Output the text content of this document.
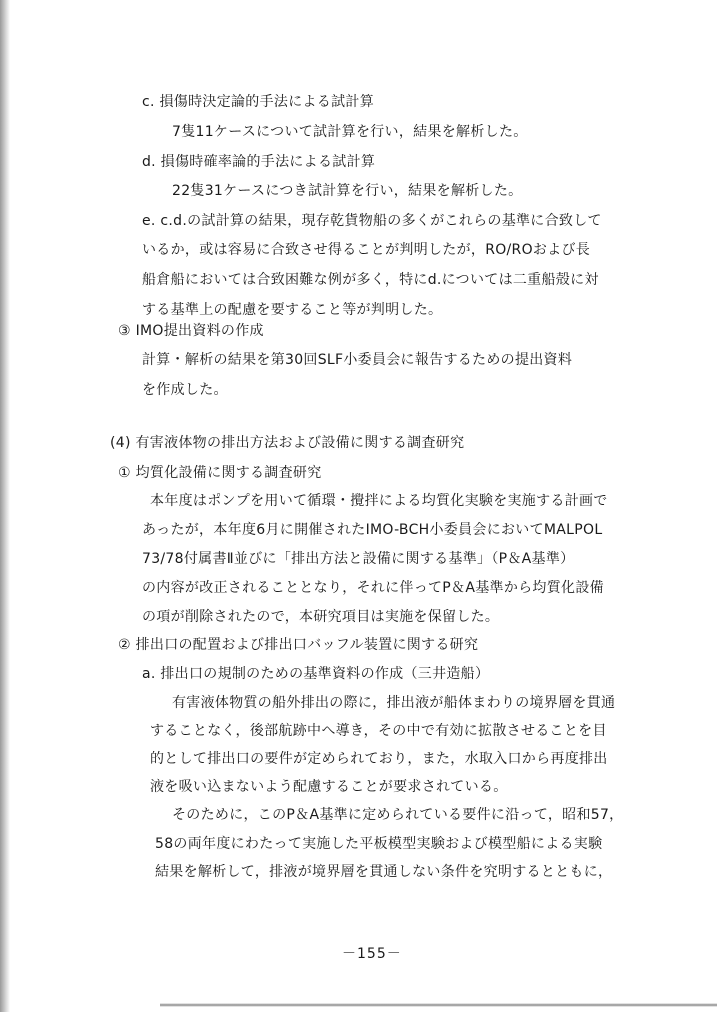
c. 損傷時決定論的手法による試計算
7隻11ケースについて試計算を行い，結果を解析した。
d. 損傷時確率論的手法による試計算
22隻31ケースにつき試計算を行い，結果を解析した。
e. c.d.の試計算の結果，現存乾貨物船の多くがこれらの基準に合致して
いるか，或は容易に合致させ得ることが判明したが，RO/ROおよび長
船倉船においては合致困難な例が多く，特にd.については二重船殻に対
する基準上の配慮を要すること等が判明した。
③ IMO提出資料の作成
計算・解析の結果を第30回SLF小委員会に報告するための提出資料
を作成した。
(4) 有害液体物の排出方法および設備に関する調査研究
① 均質化設備に関する調査研究
本年度はポンプを用いて循環・攪拌による均質化実験を実施する計画で
あったが，本年度6月に開催されたIMO-BCH小委員会においてMALPOL
73/78付属書Ⅱ並びに「排出方法と設備に関する基準」（P＆A基準）
の内容が改正されることとなり，それに伴ってP＆A基準から均質化設備
の項が削除されたので，本研究項目は実施を保留した。
② 排出口の配置および排出口バッフル装置に関する研究
a. 排出口の規制のための基準資料の作成（三井造船）
有害液体物質の船外排出の際に，排出液が船体まわりの境界層を貫通
することなく，後部航跡中へ導き，その中で有効に拡散させることを目
的として排出口の要件が定められており，また，水取入口から再度排出
液を吸い込まないよう配慮することが要求されている。
そのために，このP＆A基準に定められている要件に沿って，昭和57，
58の両年度にわたって実施した平板模型実験および模型船による実験
結果を解析して，排液が境界層を貫通しない条件を究明するとともに，
－155－
